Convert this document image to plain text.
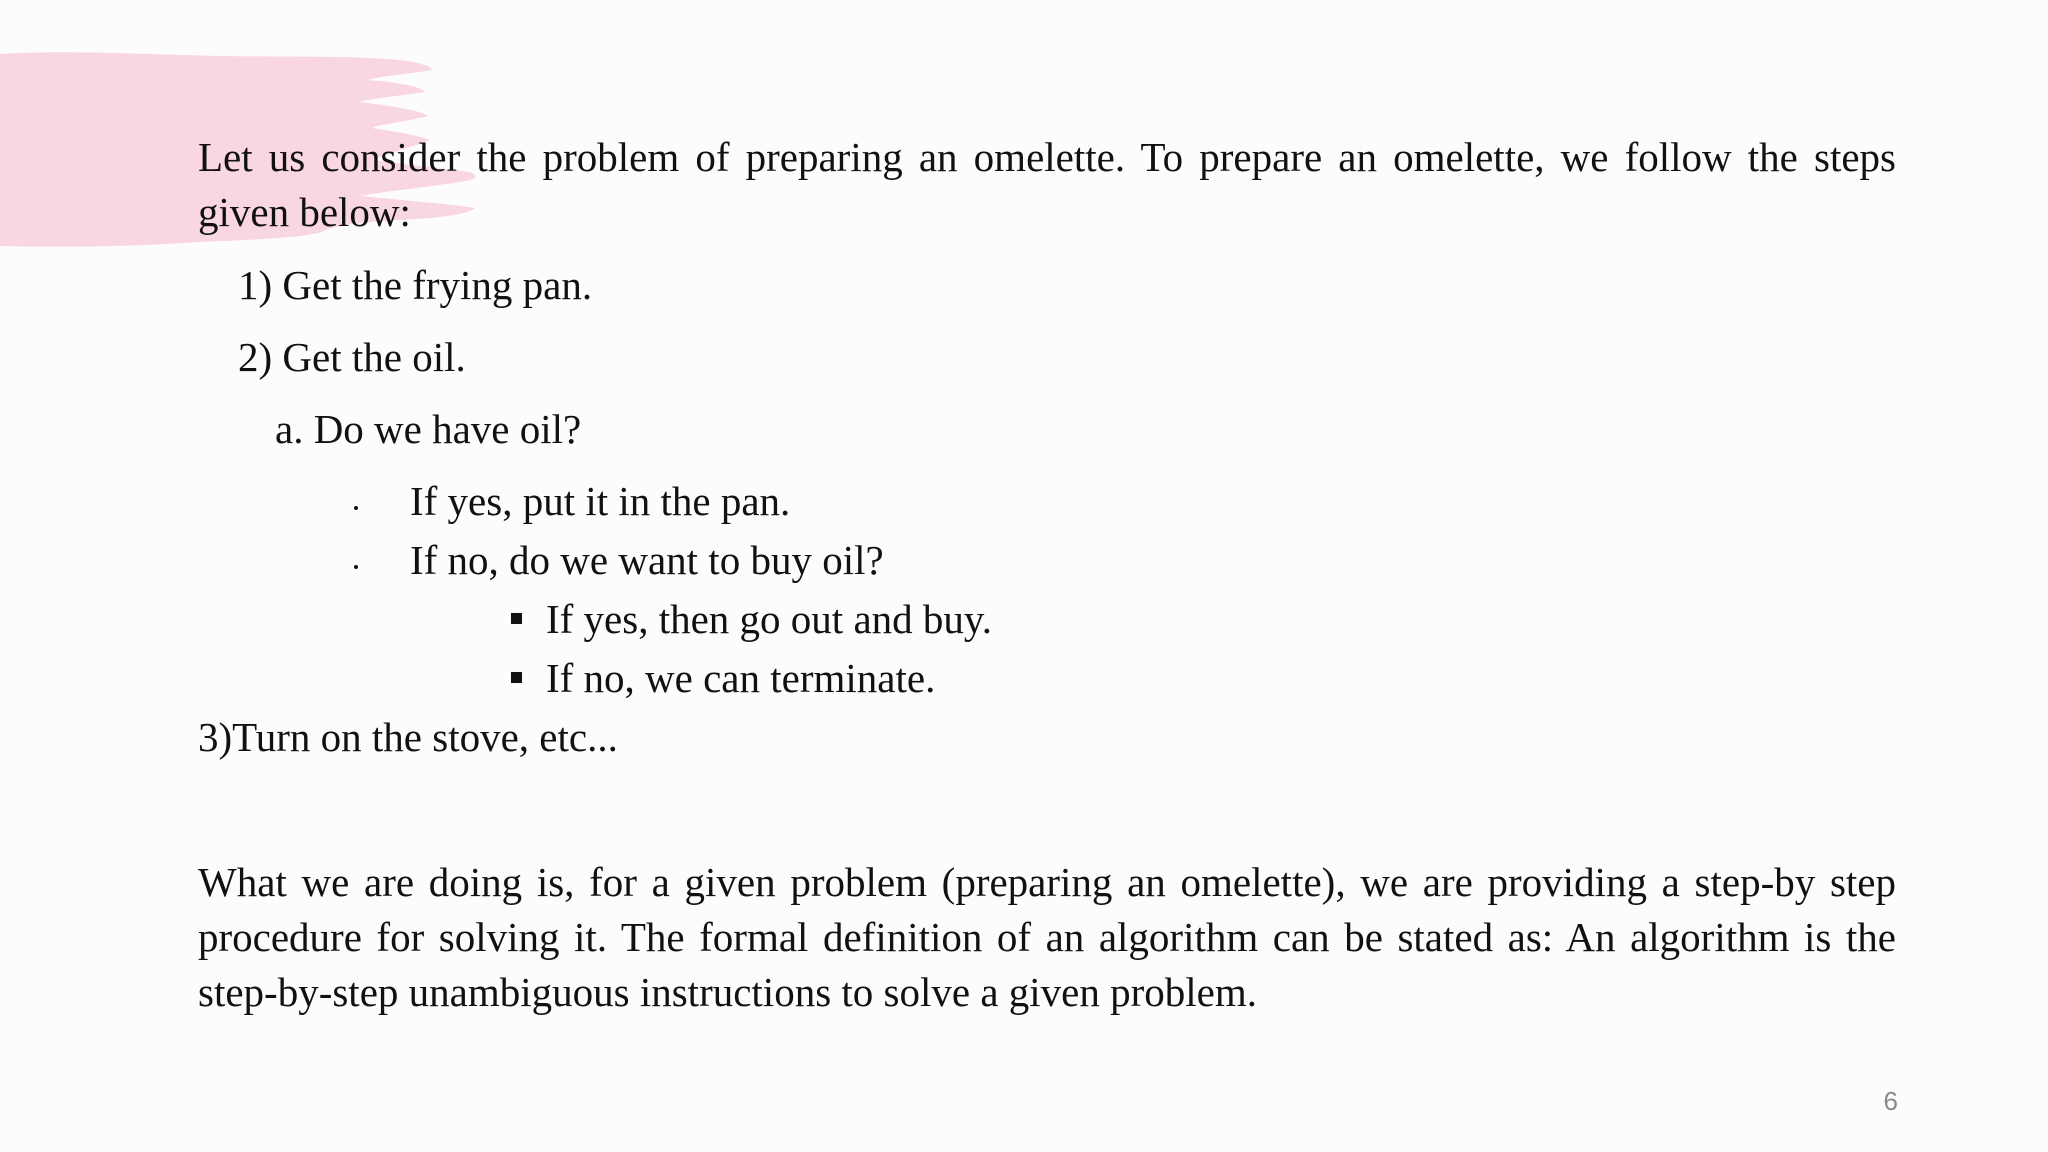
Let us consider the problem of preparing an omelette. To prepare an omelette, we follow the steps given below:

1) Get the frying pan.
2) Get the oil.
a. Do we have oil?
If yes, put it in the pan.
If no, do we want to buy oil?
If yes, then go out and buy.
If no, we can terminate.
3)Turn on the stove, etc...

What we are doing is, for a given problem (preparing an omelette), we are providing a step-by step procedure for solving it. The formal definition of an algorithm can be stated as: An algorithm is the step-by-step unambiguous instructions to solve a given problem.

6
